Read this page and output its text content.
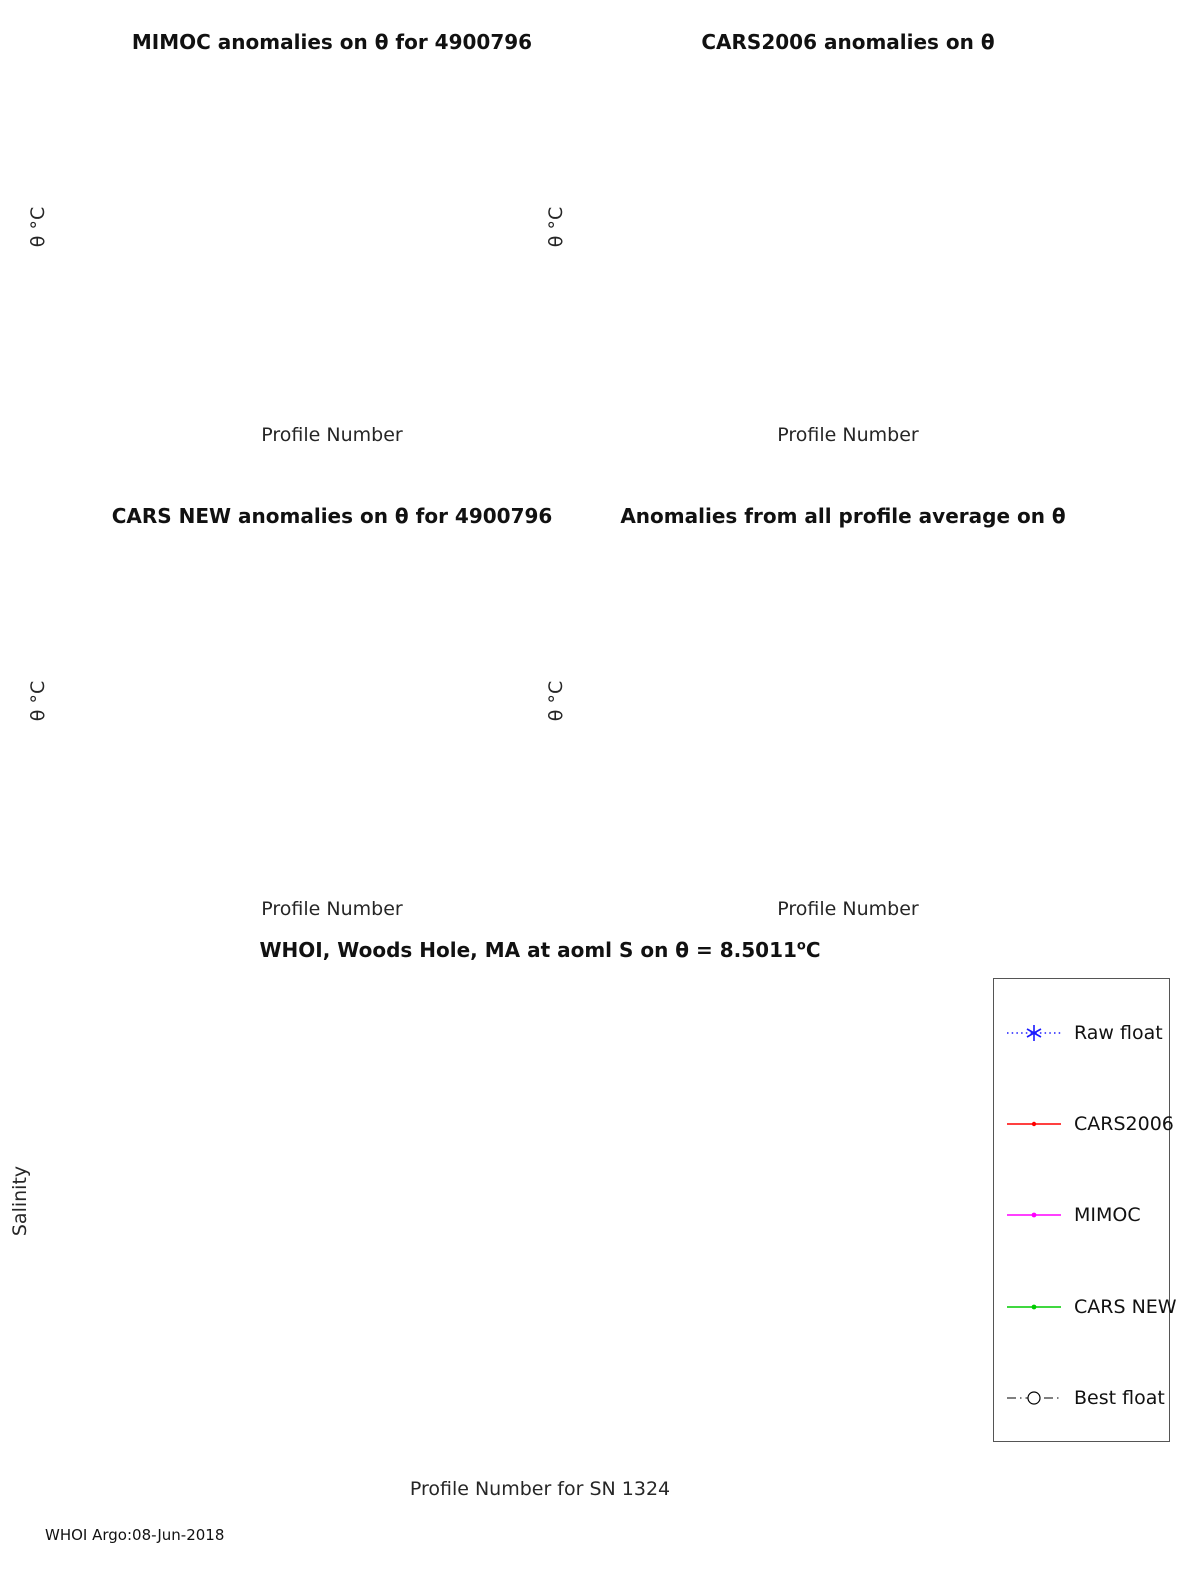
MIMOC anomalies on θ for 4900796	CARS2006 anomalies on θ
CARS NEW anomalies on θ for 4900796	Anomalies from all profile average on θ
Profile Number	Profile Number
Profile Number	Profile Number
θ °C	θ °C
θ °C	θ °C
WHOI, Woods Hole, MA at aoml S on $\theta = 8.5011^oC$
Salinity
Profile Number for SN 1324
Raw float
CARS2006
MIMOC
CARS NEW
Best float
WHOI Argo:08-Jun-2018
